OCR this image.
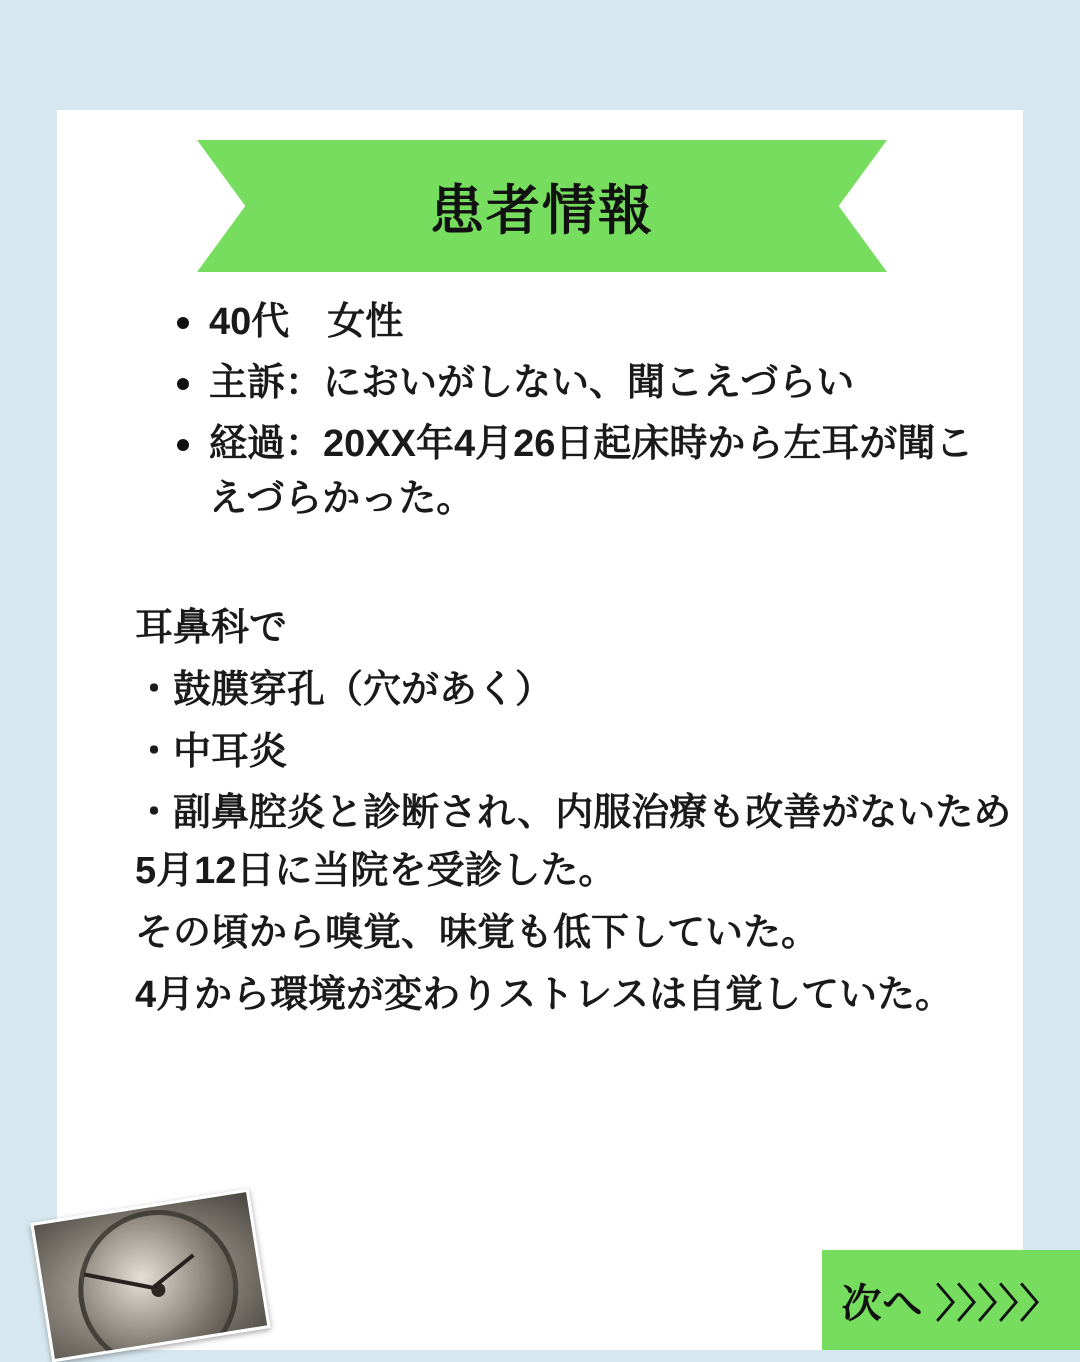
患者情報
40代　女性
主訴：においがしない、聞こえづらい
経過：20XX年4月26日起床時から左耳が聞こえづらかった。

耳鼻科で

・鼓膜穿孔（穴があく）

・中耳炎

・副鼻腔炎と診断され、内服治療も改善がないため5月12日に当院を受診した。

その頃から嗅覚、味覚も低下していた。

4月から環境が変わりストレスは自覚していた。

次へ 〉〉〉〉〉
